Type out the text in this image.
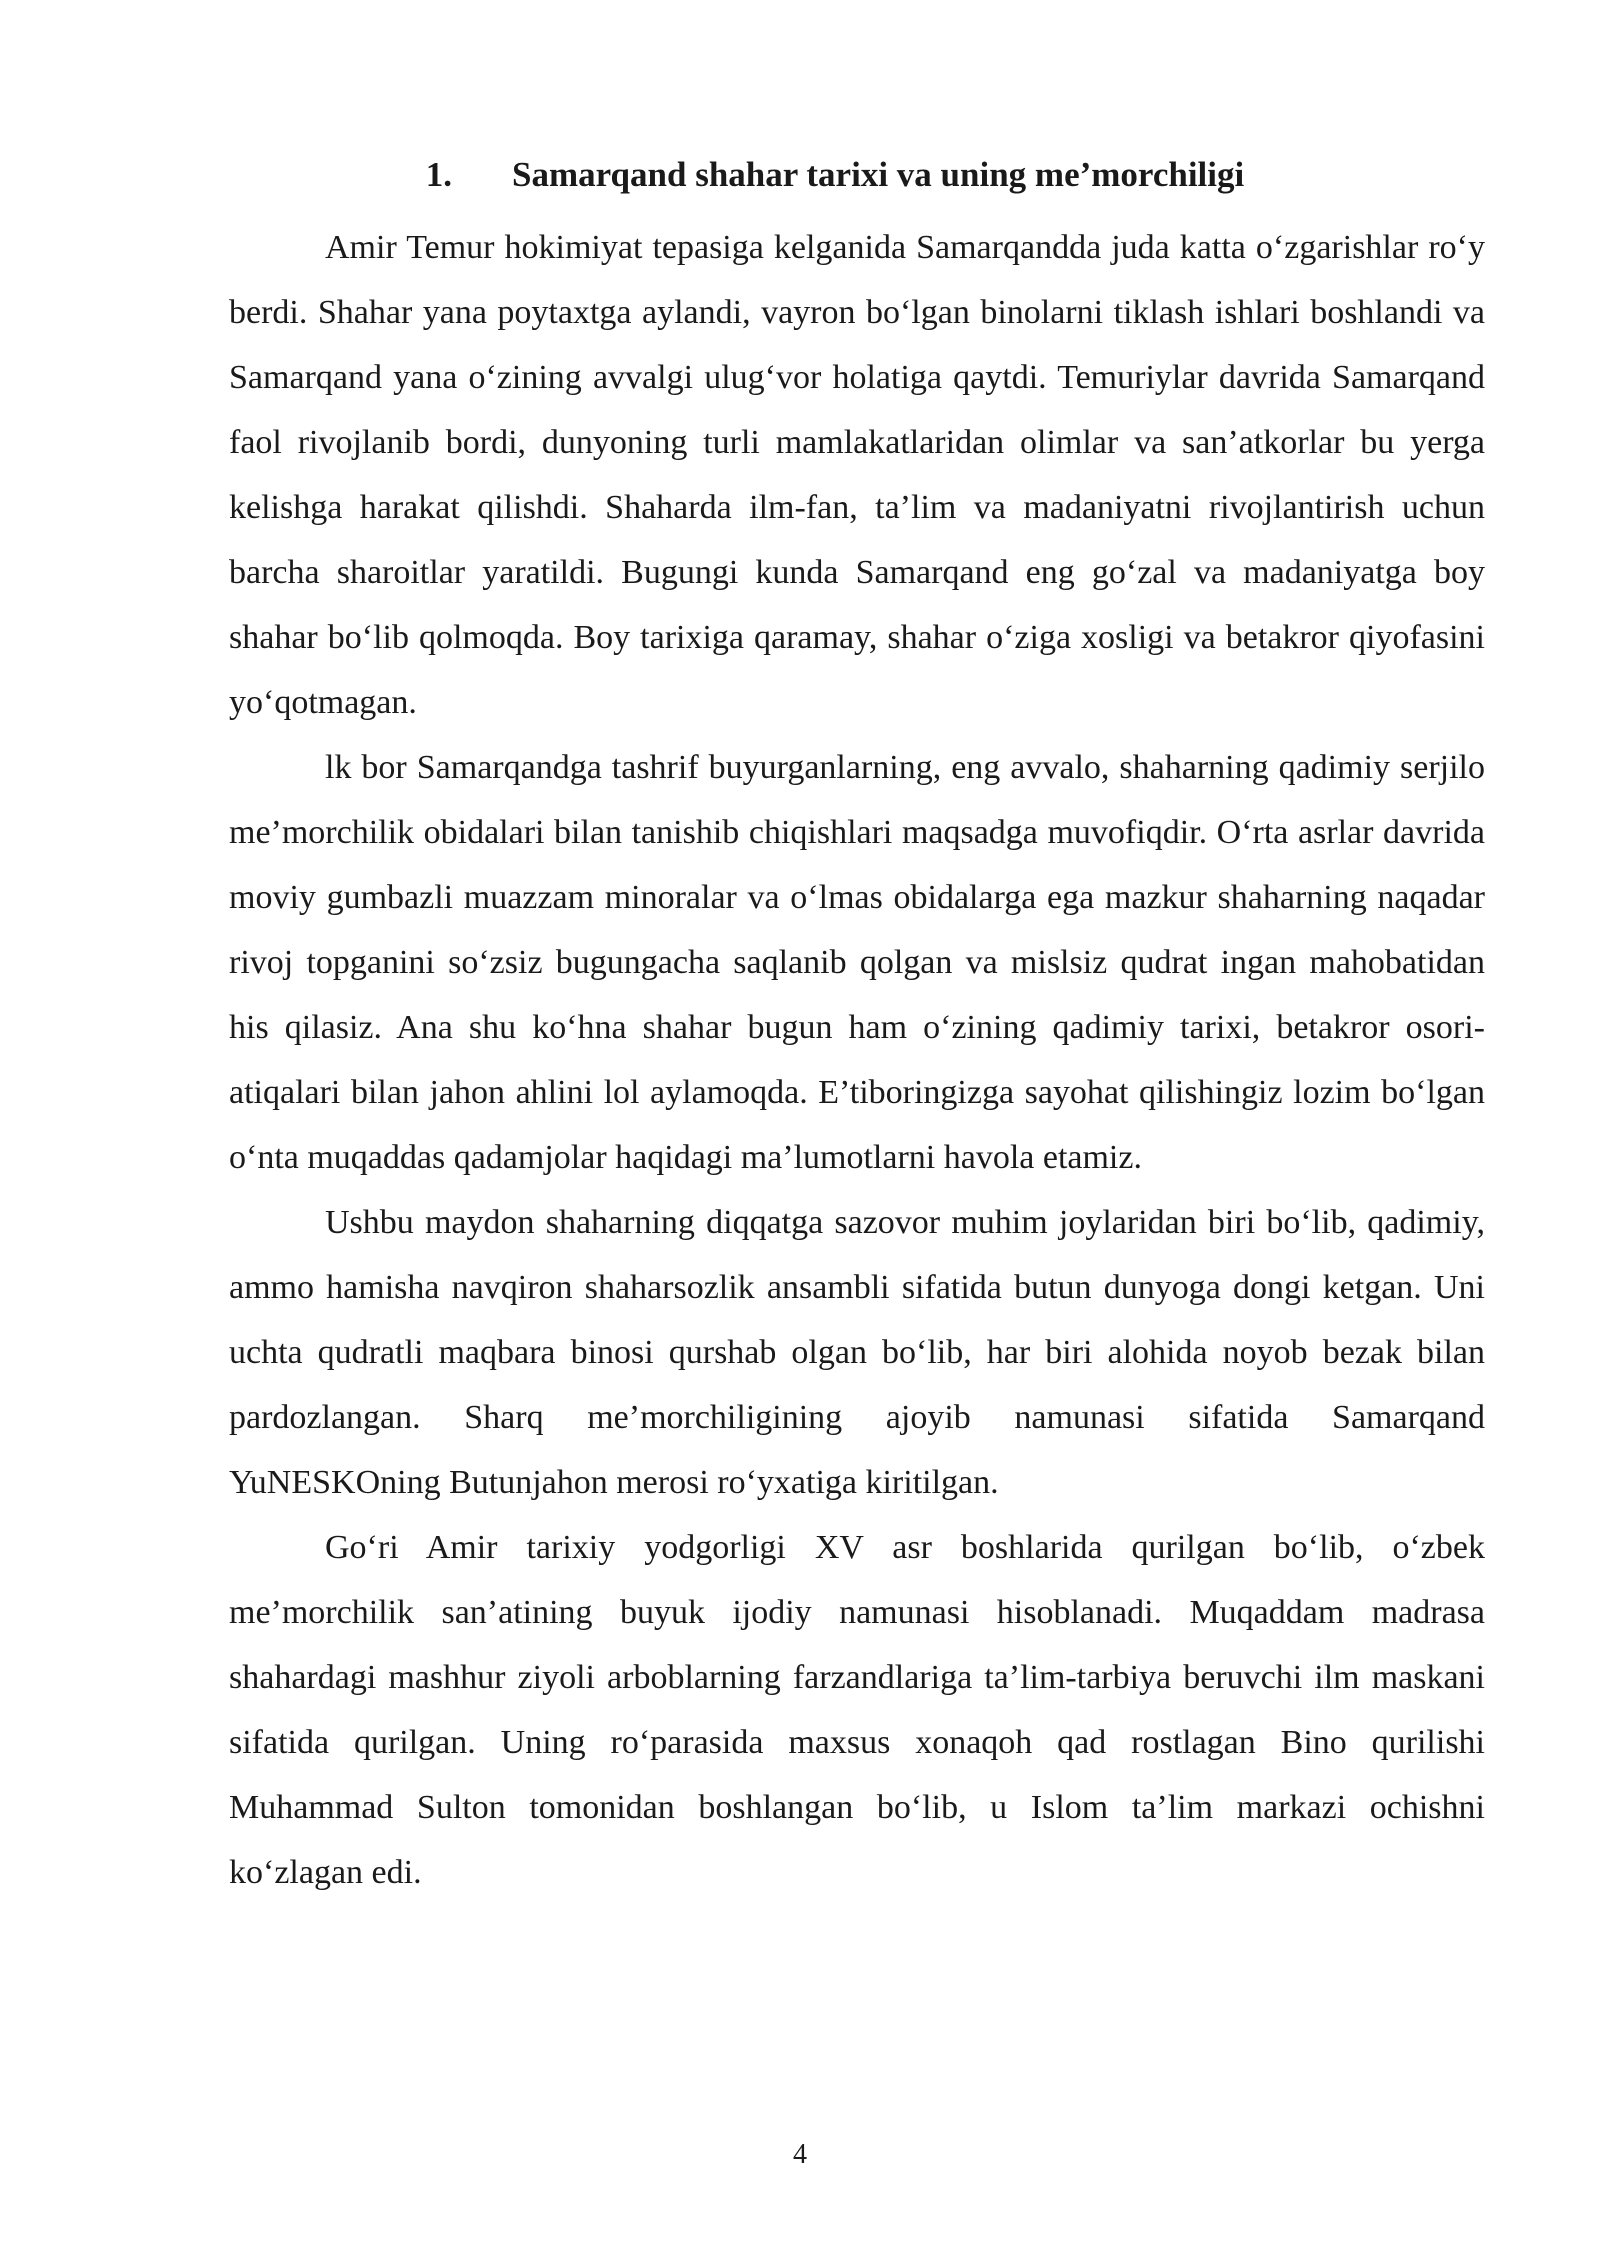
1. Samarqand shahar tarixi va uning me’morchiligi

Amir Temur hokimiyat tepasiga kelganida Samarqandda juda katta o‘zgarishlar ro‘y berdi. Shahar yana poytaxtga aylandi, vayron bo‘lgan binolarni tiklash ishlari boshlandi va Samarqand yana o‘zining avvalgi ulug‘vor holatiga qaytdi. Temuriylar davrida Samarqand faol rivojlanib bordi, dunyoning turli mamlakatlaridan olimlar va san’atkorlar bu yerga kelishga harakat qilishdi. Shaharda ilm-fan, ta’lim va madaniyatni rivojlantirish uchun barcha sharoitlar yaratildi. Bugungi kunda Samarqand eng go‘zal va madaniyatga boy shahar bo‘lib qolmoqda. Boy tarixiga qaramay, shahar o‘ziga xosligi va betakror qiyofasini yo‘qotmagan.

lk bor Samarqandga tashrif buyurganlarning, eng avvalo, shaharning qadimiy serjilo me’morchilik obidalari bilan tanishib chiqishlari maqsadga muvofiqdir. O‘rta asrlar davrida moviy gumbazli muazzam minoralar va o‘lmas obidalarga ega mazkur shaharning naqadar rivoj topganini so‘zsiz bugungacha saqlanib qolgan va mislsiz qudrat ingan mahobatidan his qilasiz. Ana shu ko‘hna shahar bugun ham o‘zining qadimiy tarixi, betakror osori-atiqalari bilan jahon ahlini lol aylamoqda. E’tiboringizga sayohat qilishingiz lozim bo‘lgan o‘nta muqaddas qadamjolar haqidagi ma’lumotlarni havola etamiz.

Ushbu maydon shaharning diqqatga sazovor muhim joylaridan biri bo‘lib, qadimiy, ammo hamisha navqiron shaharsozlik ansambli sifatida butun dunyoga dongi ketgan. Uni uchta qudratli maqbara binosi qurshab olgan bo‘lib, har biri alohida noyob bezak bilan pardozlangan. Sharq me’morchiligining ajoyib namunasi sifatida Samarqand YuNESKOning Butunjahon merosi ro‘yxatiga kiritilgan.

Go‘ri Amir tarixiy yodgorligi XV asr boshlarida qurilgan bo‘lib, o‘zbek me’morchilik san’atining buyuk ijodiy namunasi hisoblanadi. Muqaddam madrasa shahardagi mashhur ziyoli arboblarning farzandlariga ta’lim-tarbiya beruvchi ilm maskani sifatida qurilgan. Uning ro‘parasida maxsus xonaqoh qad rostlagan Bino qurilishi Muhammad Sulton tomonidan boshlangan bo‘lib, u Islom ta’lim markazi ochishni ko‘zlagan edi.

4
